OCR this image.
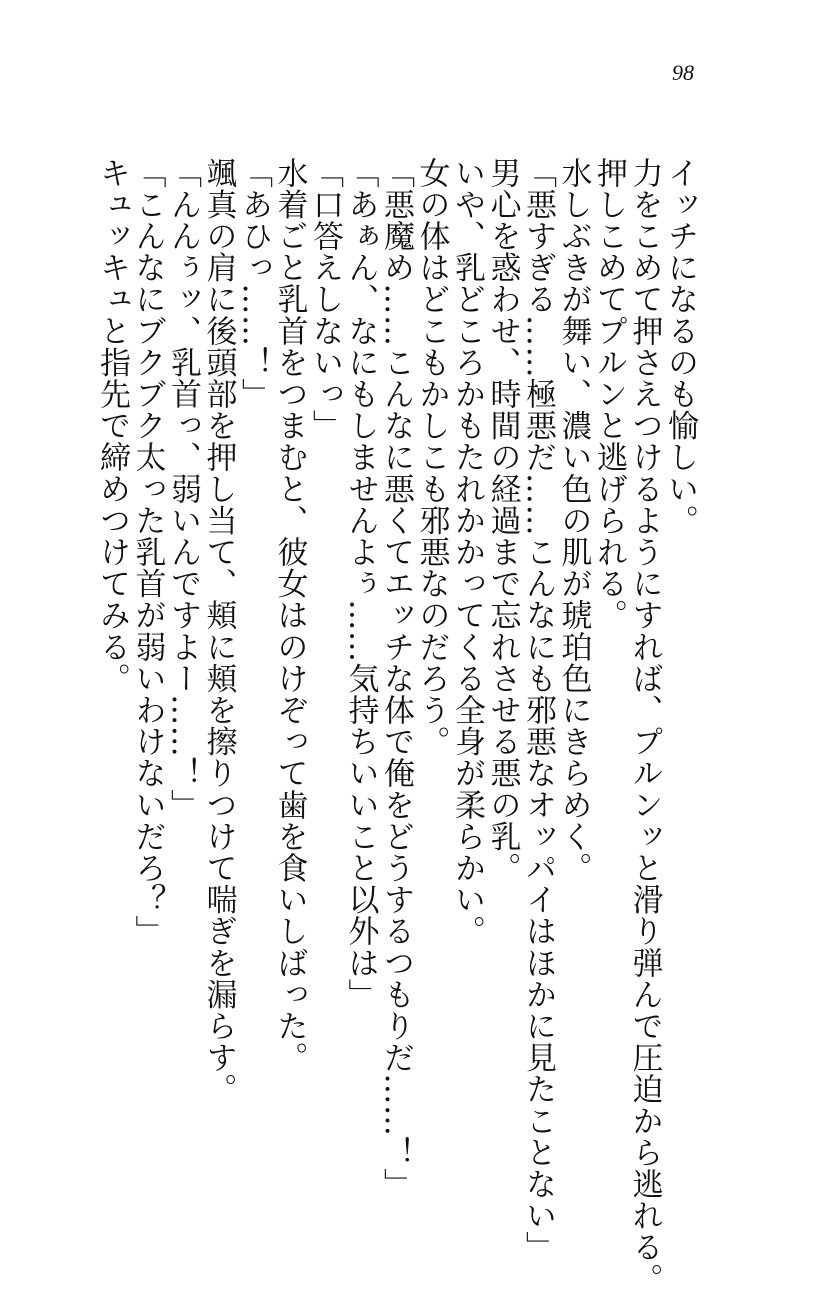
98
イッチになるのも愉しい。
力をこめて押さえつけるようにすれば、プルンッと滑り弾んで圧迫から逃れる。
押しこめてプルンと逃げられる。
水しぶきが舞い、濃い色の肌が琥珀色にきらめく。
「悪すぎる……極悪だ……こんなにも邪悪なオッパイはほかに見たことない」
男心を惑わせ、時間の経過まで忘れさせる悪の乳。
いや、乳どころかもたれかかってくる全身が柔らかい。
女の体はどこもかしこも邪悪なのだろう。
「悪魔め……こんなに悪くてエッチな体で俺をどうするつもりだ……！」
「あぁん、なにもしませんよぅ……気持ちいいこと以外は」
「口答えしないっ」
水着ごと乳首をつまむと、彼女はのけぞって歯を食いしばった。
「あひっ……！」
颯真の肩に後頭部を押し当て、頬に頬を擦りつけて喘ぎを漏らす。
「んんぅッ、乳首っ、弱いんですよー……！」
「こんなにブクブク太った乳首が弱いわけないだろ？」
キュッキュと指先で締めつけてみる。
